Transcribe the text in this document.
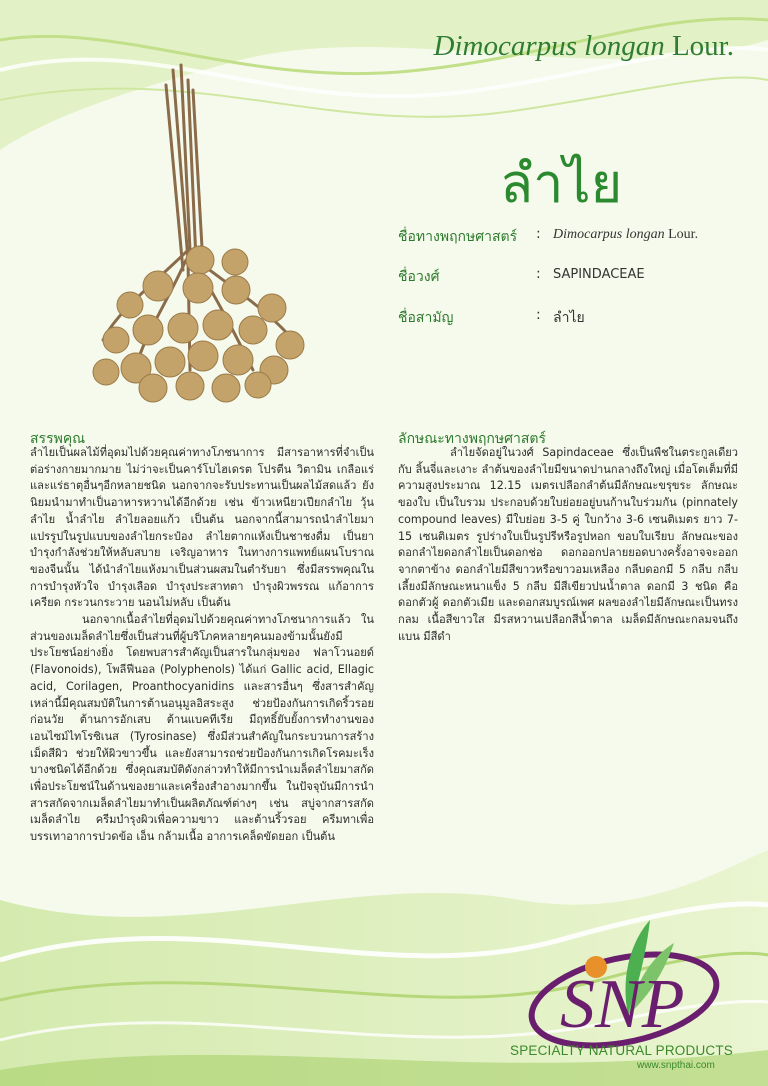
Dimocarpus longan Lour.
ลำไย
ชื่อทางพฤกษศาสตร์ : Dimocarpus longan Lour.
ชื่อวงศ์	: SAPINDACEAE
ชื่อสามัญ	: ลำไย
สรรพคุณ

ลำไยเป็นผลไม้ที่อุดมไปด้วยคุณค่าทางโภชนาการ มีสารอาหารที่จำเป็นต่อร่างกายมากมาย ไม่ว่าจะเป็นคาร์โบไฮเดรต โปรตีน วิตามิน เกลือแร่ และแร่ธาตุอื่นๆอีกหลายชนิด นอกจากจะรับประทานเป็นผลไม้สดแล้ว ยังนิยมนำมาทำเป็นอาหารหวานได้อีกด้วย เช่น ข้าวเหนียวเปียกลำไย วุ้นลำไย น้ำลำไย ลำไยลอยแก้ว เป็นต้น นอกจากนี้สามารถนำลำไยมาแปรรูปในรูปแบบของลำไยกระป๋อง ลำไยตากแห้งเป็นชาชงดื่ม เป็นยาบำรุงกำลังช่วยให้หลับสบาย เจริญอาหาร ในทางการแพทย์แผนโบราณของจีนนั้น ได้นำลำไยแห้งมาเป็นส่วนผสมในตำรับยา ซึ่งมีสรรพคุณในการบำรุงหัวใจ บำรุงเลือด บำรุงประสาทตา บำรุงผิวพรรณ แก้อาการเครียด กระวนกระวาย นอนไม่หลับ เป็นต้น

นอกจากเนื้อลำไยที่อุดมไปด้วยคุณค่าทางโภชนาการแล้ว ในส่วนของเมล็ดลำไยซึ่งเป็นส่วนที่ผู้บริโภคหลายๆคนมองข้ามนั้นยังมีประโยชน์อย่างยิ่ง โดยพบสารสำคัญเป็นสารในกลุ่มของ ฟลาโวนอยด์ (Flavonoids), โพลีฟีนอล (Polyphenols) ได้แก่ Gallic acid, Ellagic acid, Corilagen, Proanthocyanidins และสารอื่นๆ ซึ่งสารสำคัญเหล่านี้มีคุณสมบัติในการต้านอนุมูลอิสระสูง ช่วยป้องกันการเกิดริ้วรอยก่อนวัย ต้านการอักเสบ ต้านแบคทีเรีย มีฤทธิ์ยับยั้งการทำงานของเอนไซม์ไทโรซิเนส (Tyrosinase) ซึ่งมีส่วนสำคัญในกระบวนการสร้างเม็ดสีผิว ช่วยให้ผิวขาวขึ้น และยังสามารถช่วยป้องกันการเกิดโรคมะเร็งบางชนิดได้อีกด้วย ซึ่งคุณสมบัติดังกล่าวทำให้มีการนำเมล็ดลำไยมาสกัดเพื่อประโยชน์ในด้านของยาและเครื่องสำอางมากขึ้น ในปัจจุบันมีการนำสารสกัดจากเมล็ดลำไยมาทำเป็นผลิตภัณฑ์ต่างๆ เช่น สบู่จากสารสกัดเมล็ดลำไย ครีมบำรุงผิวเพื่อความขาว และต้านริ้วรอย ครีมทาเพื่อบรรเทาอาการปวดข้อ เอ็น กล้ามเนื้อ อาการเคล็ดขัดยอก เป็นต้น

ลักษณะทางพฤกษศาสตร์

ลำไยจัดอยู่ในวงศ์ Sapindaceae ซึ่งเป็นพืชในตระกูลเดียวกับ ลิ้นจี่และเงาะ ลำต้นของลำไยมีขนาดปานกลางถึงใหญ่ เมื่อโตเต็มที่มีความสูงประมาณ 12.15 เมตรเปลือกลำต้นมีลักษณะขรุขระ ลักษณะของใบ เป็นใบรวม ประกอบด้วยใบย่อยอยู่บนก้านใบร่วมกัน (pinnately compound leaves) มีใบย่อย 3-5 คู่ ใบกว้าง 3-6 เซนติเมตร ยาว 7-15 เซนติเมตร รูปร่างใบเป็นรูปรีหรือรูปหอก ขอบใบเรียบ ลักษณะของดอกลำไยดอกลำไยเป็นดอกช่อ ดอกออกปลายยอดบางครั้งอาจจะออกจากตาข้าง ดอกลำไยมีสีขาวหรือขาวอมเหลือง กลีบดอกมี 5 กลีบ กลีบเลี้ยงมีลักษณะหนาแข็ง 5 กลีบ มีสีเขียวปนน้ำตาล ดอกมี 3 ชนิด คือ ดอกตัวผู้ ดอกตัวเมีย และดอกสมบูรณ์เพศ ผลของลำไยมีลักษณะเป็นทรงกลม เนื้อสีขาวใส มีรสหวานเปลือกสีน้ำตาล เมล็ดมีลักษณะกลมจนถึงแบน มีสีดำ

SNP
SPECIALTY NATURAL PRODUCTS
www.snpthai.com
